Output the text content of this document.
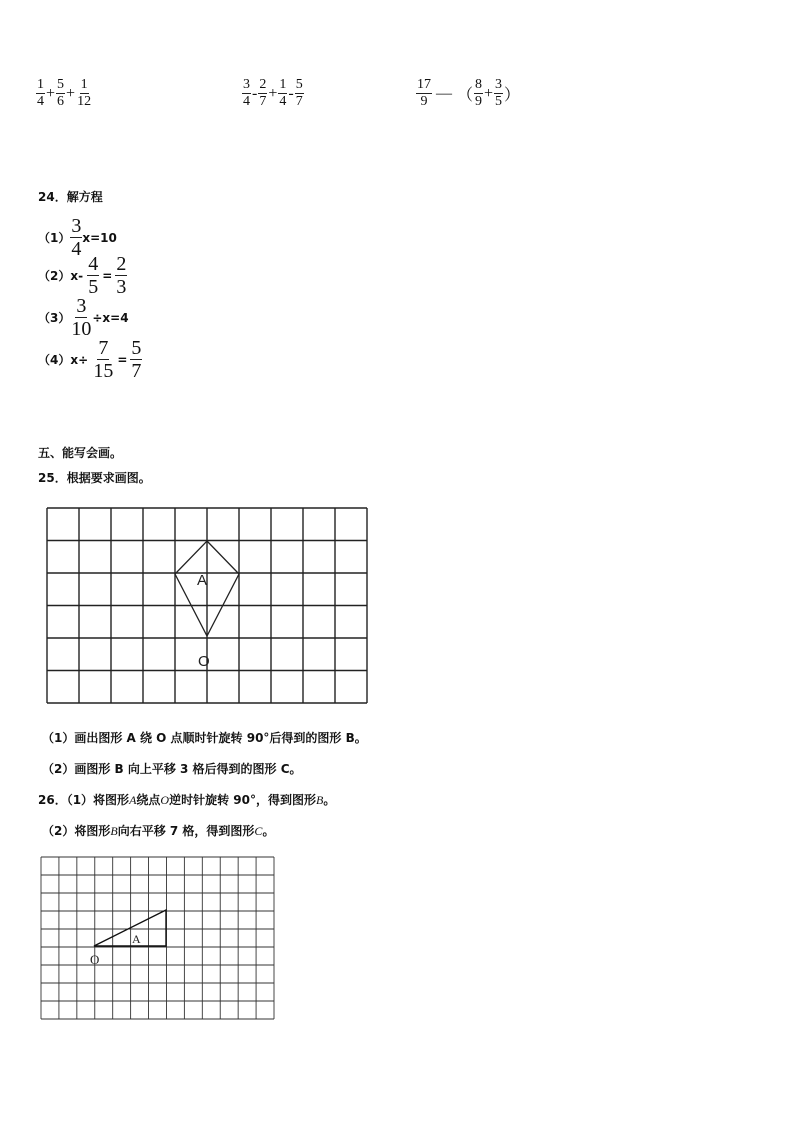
$\frac{1}{4} + \frac{5}{6} + \frac{1}{12}$	$\frac{3}{4} - \frac{2}{7} + \frac{1}{4} - \frac{5}{7}$	$\frac{17}{9}$ — （ $\frac{8}{9} + \frac{3}{5}$ ）
24．解方程
$(1) \frac{3}{4} x=10$
（2） x-
$\frac{4}{5} = \frac{2}{3}$
$(3) \frac{3}{10} \div x=4$
（4） x÷
$\frac{7}{15} = \frac{5}{7}$
五、能写会画。
25．根据要求画图。
A
O
（1）画出图形 A 绕 O 点顺时针旋转 90°后得到的图形 B。
（2）画图形 B 向上平移 3 格后得到的图形 C。
26．（1）将图形A绕点O逆时针旋转 90°，得到图形B。
（2）将图形B向右平移 7 格，得到图形C。
A
O
